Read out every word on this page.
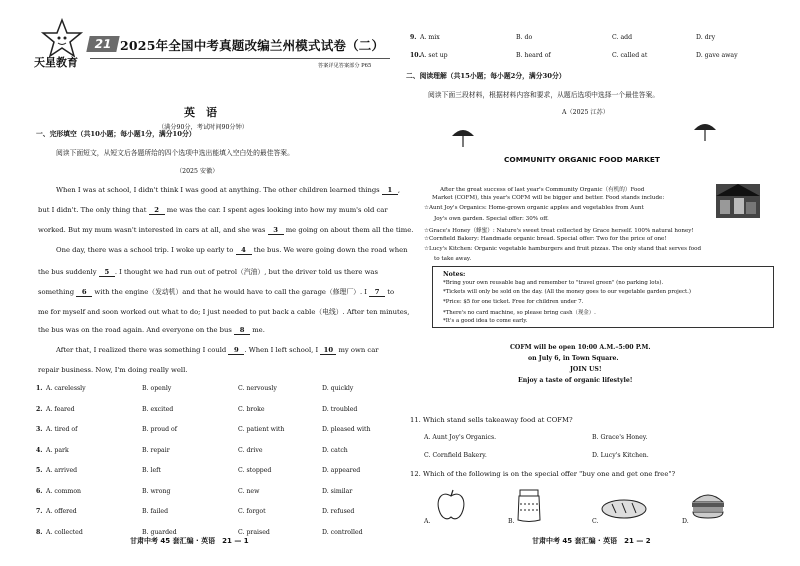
天星教育
21 2025年全国中考真题改编兰州模式试卷（二）
答案详见答案部分 P65
英　语
（满分90分，考试时间90分钟）
一、完形填空（共10小题；每小题1分，满分10分）
阅读下面短文，从短文后各题所给的四个选项中选出能填入空白处的最佳答案。
（2025 安徽）
When I was at school, I didn't think I was good at anything. The other children learned things 1 ,
but I didn't. The only thing that 2 me was the car. I spent ages looking into how my mum's old car
worked. But my mum wasn't interested in cars at all, and she was 3 me going on about them all the time.
One day, there was a school trip. I woke up early to 4 the bus. We were going down the road when
the bus suddenly 5 . I thought we had run out of petrol（汽油）, but the driver told us there was
something 6 with the engine（发动机）and that he would have to call the garage（修理厂）. I 7 to
me for myself and soon worked out what to do; I just needed to put back a cable（电线）. After ten minutes,
the bus was on the road again. And everyone on the bus 8 me.
After that, I realized there was something I could 9 . When I left school, I 10 my own car
repair business. Now, I'm doing really well.
1. A. carelessly	B. openly	C. nervously	D. quickly
2. A. feared	B. excited	C. broke	D. troubled
3. A. tired of	B. proud of	C. patient with	D. pleased with
4. A. park	B. repair	C. drive	D. catch
5. A. arrived	B. left	C. stopped	D. appeared
6. A. common	B. wrong	C. new	D. similar
7. A. offered	B. failed	C. forgot	D. refused
8. A. collected	B. guarded	C. praised	D. controlled
甘肃中考 45 套汇编 · 英语　21 — 1
9. A. mix	B. do	C. add	D. dry
10. A. set up	B. heard of	C. called at	D. gave away
二、阅读理解（共15小题；每小题2分，满分30分）
阅读下面三段材料，根据材料内容和要求，从题后选项中选择一个最佳答案。
A（2025 江苏）
COMMUNITY ORGANIC FOOD MARKET
After the great success of last year's Community Organic（有机的）Food
Market (COFM), this year's COFM will be bigger and better. Food stands include:
☆Aunt Joy's Organics: Home-grown organic apples and vegetables from Aunt
Joy's own garden. Special offer: 30% off.
☆Grace's Honey（蜂蜜）: Nature's sweet treat collected by Grace herself. 100% natural honey!
☆Cornfield Bakery: Handmade organic bread. Special offer: Two for the price of one!
☆Lucy's Kitchen: Organic vegetable hamburgers and fruit pizzas. The only stand that serves food
to take away.
Notes:
*Bring your own reusable bag and remember to "travel green" (no parking lots).
*Tickets will only be sold on the day. (All the money goes to our vegetable garden project.)
*Price: $5 for one ticket. Free for children under 7.
*There's no card machine, so please bring cash（现金）.
*It's a good idea to come early.
COFM will be open 10:00 A.M.–5:00 P.M.
on July 6, in Town Square.
JOIN US!
Enjoy a taste of organic lifestyle!
11. Which stand sells takeaway food at COFM?
A. Aunt Joy's Organics.	B. Grace's Honey.
C. Cornfield Bakery.	D. Lucy's Kitchen.
12. Which of the following is on the special offer "buy one and get one free"?
A.	B.	C.	D.
甘肃中考 45 套汇编 · 英语　21 — 2
